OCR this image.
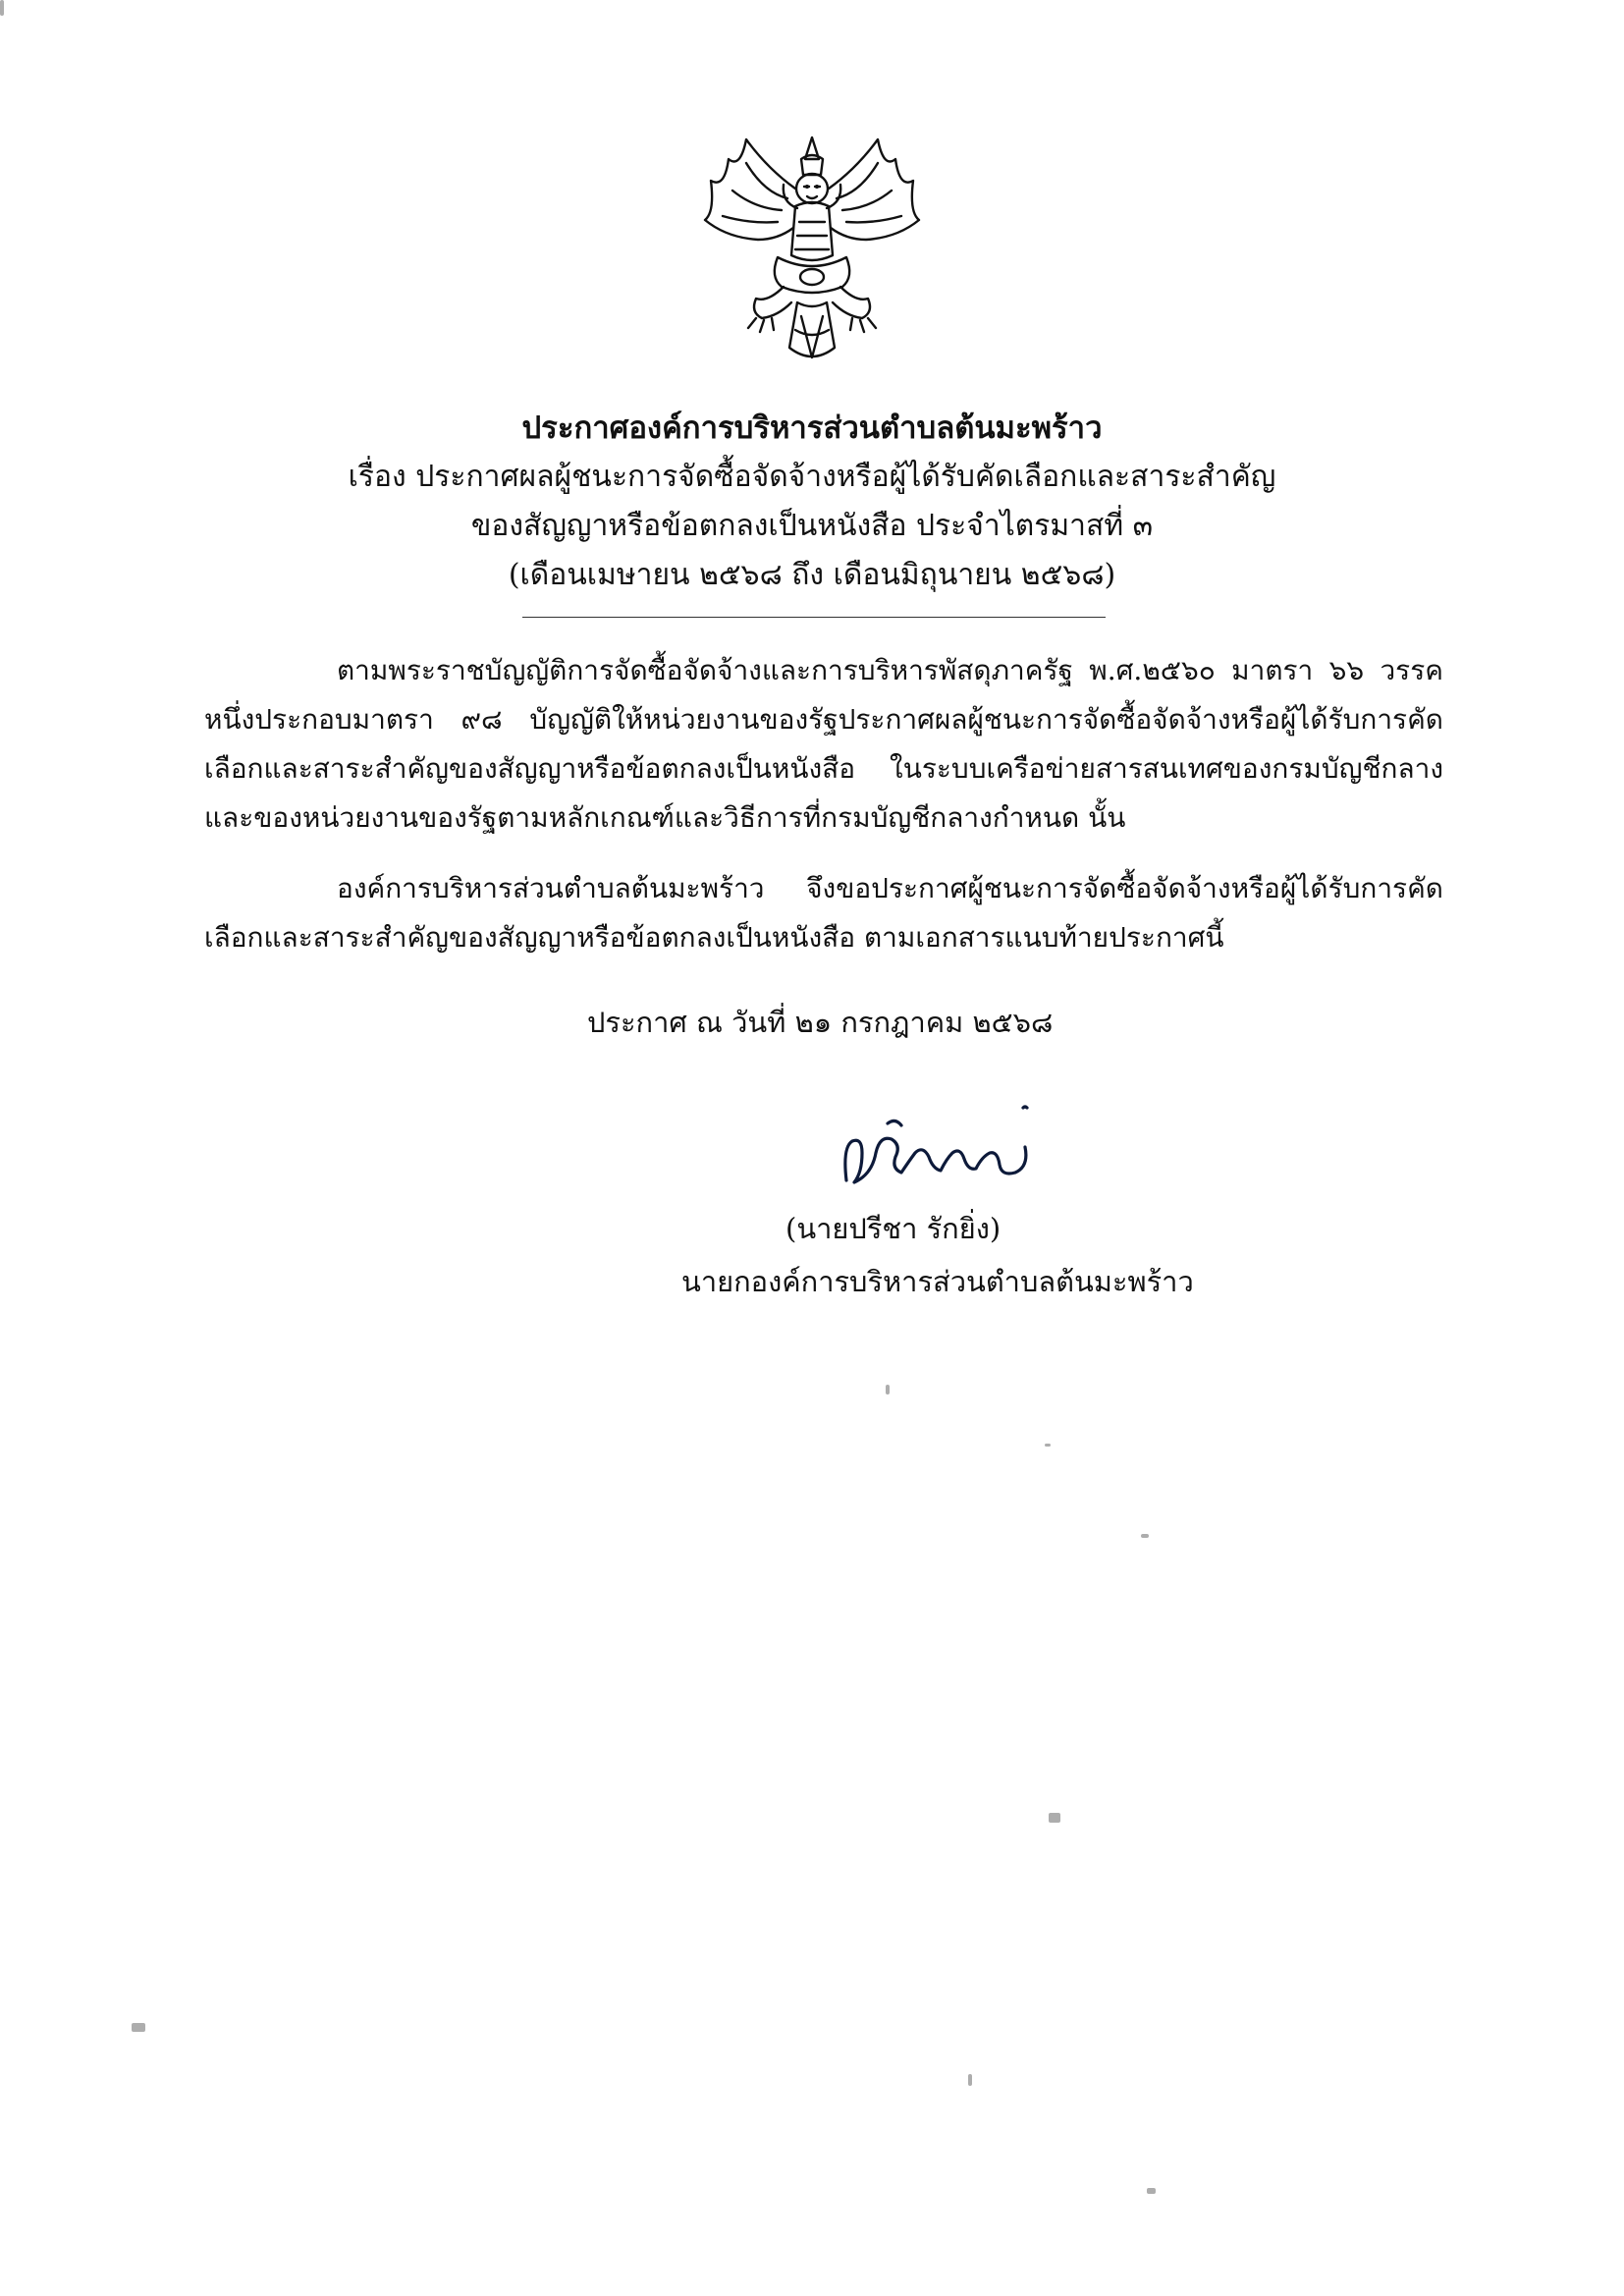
ประกาศองค์การบริหารส่วนตำบลต้นมะพร้าว
เรื่อง ประกาศผลผู้ชนะการจัดซื้อจัดจ้างหรือผู้ได้รับคัดเลือกและสาระสำคัญ
ของสัญญาหรือข้อตกลงเป็นหนังสือ ประจำไตรมาสที่ ๓
(เดือนเมษายน ๒๕๖๘ ถึง เดือนมิถุนายน ๒๕๖๘)
ตามพระราชบัญญัติการจัดซื้อจัดจ้างและการบริหารพัสดุภาครัฐ พ.ศ.๒๕๖๐ มาตรา ๖๖ วรรคหนึ่งประกอบมาตรา ๙๘ บัญญัติให้หน่วยงานของรัฐประกาศผลผู้ชนะการจัดซื้อจัดจ้างหรือผู้ได้รับการคัดเลือกและสาระสำคัญของสัญญาหรือข้อตกลงเป็นหนังสือ ในระบบเครือข่ายสารสนเทศของกรมบัญชีกลางและของหน่วยงานของรัฐตามหลักเกณฑ์และวิธีการที่กรมบัญชีกลางกำหนด นั้น
องค์การบริหารส่วนตำบลต้นมะพร้าว จึงขอประกาศผู้ชนะการจัดซื้อจัดจ้างหรือผู้ได้รับการคัดเลือกและสาระสำคัญของสัญญาหรือข้อตกลงเป็นหนังสือ ตามเอกสารแนบท้ายประกาศนี้
ประกาศ ณ วันที่ ๒๑ กรกฎาคม ๒๕๖๘
(นายปรีชา รักยิ่ง)
นายกองค์การบริหารส่วนตำบลต้นมะพร้าว
